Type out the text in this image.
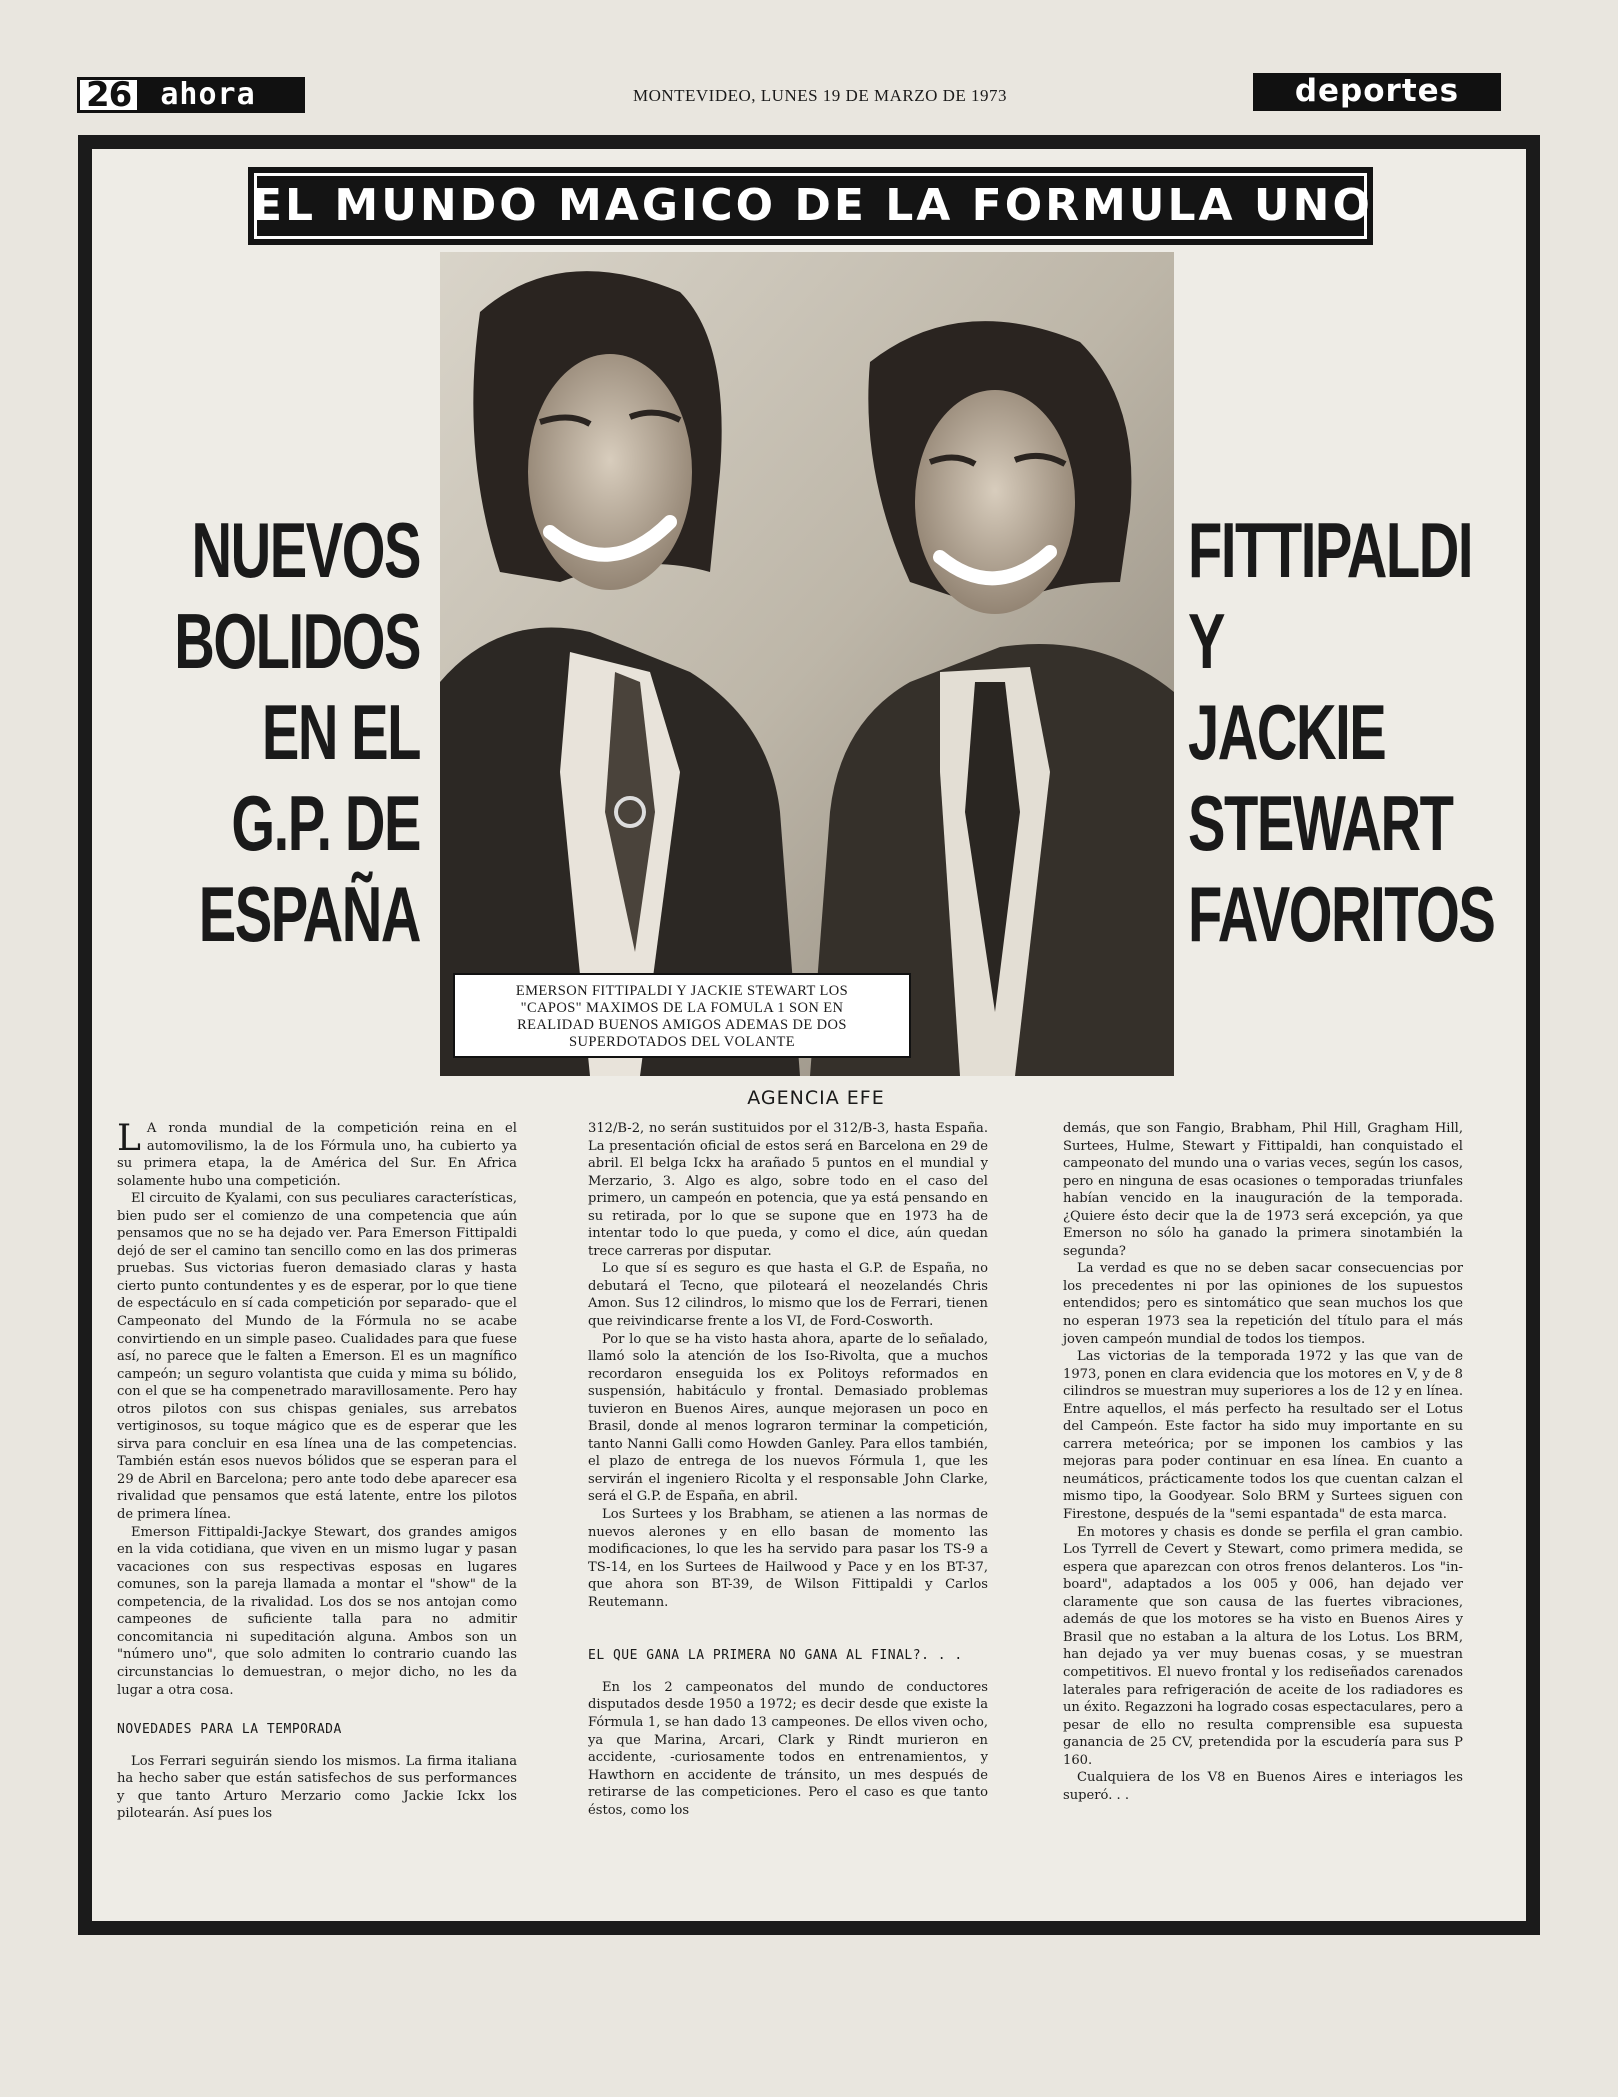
26 ahora	MONTEVIDEO, LUNES 19 DE MARZO DE 1973	deportes
EL MUNDO MAGICO DE LA FORMULA UNO
EMERSON FITTIPALDI Y JACKIE STEWART LOS
"CAPOS" MAXIMOS DE LA FOMULA 1 SON EN
REALIDAD BUENOS AMIGOS ADEMAS DE DOS
SUPERDOTADOS DEL VOLANTE
NUEVOS
BOLIDOS
EN EL
G.P. DE
ESPAÑA
FITTIPALDI
Y
JACKIE
STEWART
FAVORITOS
AGENCIA EFE

L A ronda mundial de la competición reina en el automovilismo, la de los Fórmula uno, ha cubierto ya su primera etapa, la de América del Sur. En Africa solamente hubo una competición.

El circuito de Kyalami, con sus peculiares características, bien pudo ser el comienzo de una competencia que aún pensamos que no se ha dejado ver. Para Emerson Fittipaldi dejó de ser el camino tan sencillo como en las dos primeras pruebas. Sus victorias fueron demasiado claras y hasta cierto punto contundentes y es de esperar, por lo que tiene de espectáculo en sí cada competición por separado- que el Campeonato del Mundo de la Fórmula no se acabe convirtiendo en un simple paseo. Cualidades para que fuese así, no parece que le falten a Emerson. El es un magnífico campeón; un seguro volantista que cuida y mima su bólido, con el que se ha compenetrado maravillosamente. Pero hay otros pilotos con sus chispas geniales, sus arrebatos vertiginosos, su toque mágico que es de esperar que les sirva para concluir en esa línea una de las competencias. También están esos nuevos bólidos que se esperan para el 29 de Abril en Barcelona; pero ante todo debe aparecer esa rivalidad que pensamos que está latente, entre los pilotos de primera línea.

Emerson Fittipaldi-Jackye Stewart, dos grandes amigos en la vida cotidiana, que viven en un mismo lugar y pasan vacaciones con sus respectivas esposas en lugares comunes, son la pareja llamada a montar el "show" de la competencia, de la rivalidad. Los dos se nos antojan como campeones de suficiente talla para no admitir concomitancia ni supeditación alguna. Ambos son un "número uno", que solo admiten lo contrario cuando las circunstancias lo demuestran, o mejor dicho, no les da lugar a otra cosa.

NOVEDADES PARA LA TEMPORADA

Los Ferrari seguirán siendo los mismos. La firma italiana ha hecho saber que están satisfechos de sus performances y que tanto Arturo Merzario como Jackie Ickx los pilotearán. Así pues los

312/B-2, no serán sustituidos por el 312/B-3, hasta España. La presentación oficial de estos será en Barcelona en 29 de abril. El belga Ickx ha arañado 5 puntos en el mundial y Merzario, 3. Algo es algo, sobre todo en el caso del primero, un campeón en potencia, que ya está pensando en su retirada, por lo que se supone que en 1973 ha de intentar todo lo que pueda, y como el dice, aún quedan trece carreras por disputar.

Lo que sí es seguro es que hasta el G.P. de España, no debutará el Tecno, que piloteará el neozelandés Chris Amon. Sus 12 cilindros, lo mismo que los de Ferrari, tienen que reivindicarse frente a los VI, de Ford-Cosworth.

Por lo que se ha visto hasta ahora, aparte de lo señalado, llamó solo la atención de los Iso-Rivolta, que a muchos recordaron enseguida los ex Politoys reformados en suspensión, habitáculo y frontal. Demasiado problemas tuvieron en Buenos Aires, aunque mejorasen un poco en Brasil, donde al menos lograron terminar la competición, tanto Nanni Galli como Howden Ganley. Para ellos también, el plazo de entrega de los nuevos Fórmula 1, que les servirán el ingeniero Ricolta y el responsable John Clarke, será el G.P. de España, en abril.

Los Surtees y los Brabham, se atienen a las normas de nuevos alerones y en ello basan de momento las modificaciones, lo que les ha servido para pasar los TS-9 a TS-14, en los Surtees de Hailwood y Pace y en los BT-37, que ahora son BT-39, de Wilson Fittipaldi y Carlos Reutemann.

EL QUE GANA LA PRIMERA NO GANA AL FINAL?. . .

En los 2 campeonatos del mundo de conductores disputados desde 1950 a 1972; es decir desde que existe la Fórmula 1, se han dado 13 campeones. De ellos viven ocho, ya que Marina, Arcari, Clark y Rindt murieron en accidente, -curiosamente todos en entrenamientos, y Hawthorn en accidente de tránsito, un mes después de retirarse de las competiciones. Pero el caso es que tanto éstos, como los

demás, que son Fangio, Brabham, Phil Hill, Gragham Hill, Surtees, Hulme, Stewart y Fittipaldi, han conquistado el campeonato del mundo una o varias veces, según los casos, pero en ninguna de esas ocasiones o temporadas triunfales habían vencido en la inauguración de la temporada. ¿Quiere ésto decir que la de 1973 será excepción, ya que Emerson no sólo ha ganado la primera sinotambién la segunda?

La verdad es que no se deben sacar consecuencias por los precedentes ni por las opiniones de los supuestos entendidos; pero es sintomático que sean muchos los que no esperan 1973 sea la repetición del título para el más joven campeón mundial de todos los tiempos.

Las victorias de la temporada 1972 y las que van de 1973, ponen en clara evidencia que los motores en V, y de 8 cilindros se muestran muy superiores a los de 12 y en línea. Entre aquellos, el más perfecto ha resultado ser el Lotus del Campeón. Este factor ha sido muy importante en su carrera meteórica; por se imponen los cambios y las mejoras para poder continuar en esa línea. En cuanto a neumáticos, prácticamente todos los que cuentan calzan el mismo tipo, la Goodyear. Solo BRM y Surtees siguen con Firestone, después de la "semi espantada" de esta marca.

En motores y chasis es donde se perfila el gran cambio. Los Tyrrell de Cevert y Stewart, como primera medida, se espera que aparezcan con otros frenos delanteros. Los "in-board", adaptados a los 005 y 006, han dejado ver claramente que son causa de las fuertes vibraciones, además de que los motores se ha visto en Buenos Aires y Brasil que no estaban a la altura de los Lotus. Los BRM, han dejado ya ver muy buenas cosas, y se muestran competitivos. El nuevo frontal y los rediseñados carenados laterales para refrigeración de aceite de los radiadores es un éxito. Regazzoni ha logrado cosas espectaculares, pero a pesar de ello no resulta comprensible esa supuesta ganancia de 25 CV, pretendida por la escudería para sus P 160.

Cualquiera de los V8 en Buenos Aires e interiagos les superó. . .
